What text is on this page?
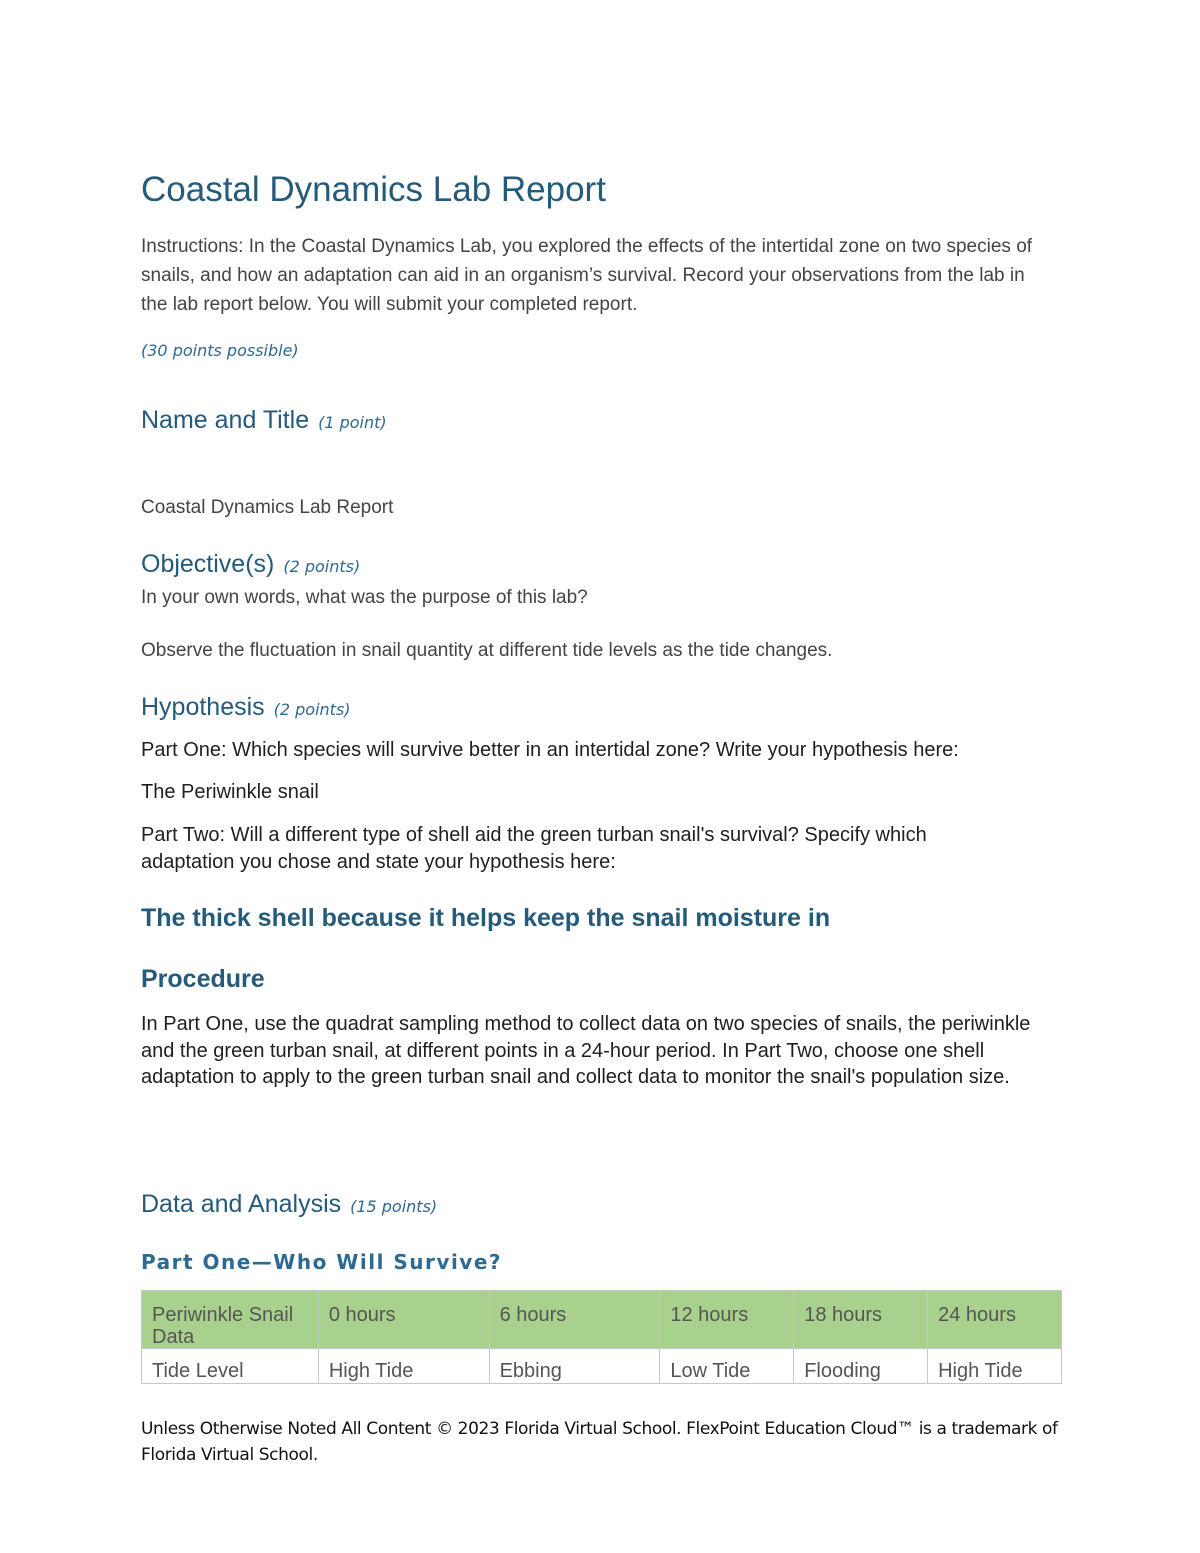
Coastal Dynamics Lab Report
Instructions: In the Coastal Dynamics Lab, you explored the effects of the intertidal zone on two species of snails, and how an adaptation can aid in an organism’s survival. Record your observations from the lab in the lab report below. You will submit your completed report.
(30 points possible)
Name and Title (1 point)
Coastal Dynamics Lab Report
Objective(s) (2 points)
In your own words, what was the purpose of this lab?
Observe the fluctuation in snail quantity at different tide levels as the tide changes.
Hypothesis (2 points)
Part One: Which species will survive better in an intertidal zone? Write your hypothesis here:
The Periwinkle snail
Part Two: Will a different type of shell aid the green turban snail's survival? Specify which adaptation you chose and state your hypothesis here:
The thick shell because it helps keep the snail moisture in
Procedure
In Part One, use the quadrat sampling method to collect data on two species of snails, the periwinkle and the green turban snail, at different points in a 24-hour period. In Part Two, choose one shell adaptation to apply to the green turban snail and collect data to monitor the snail's population size.
Data and Analysis (15 points)
Part One—Who Will Survive?
Periwinkle Snail Data	0 hours	6 hours	12 hours	18 hours	24 hours
Tide Level	High Tide	Ebbing	Low Tide	Flooding	High Tide
Unless Otherwise Noted All Content © 2023 Florida Virtual School. FlexPoint Education Cloud™ is a trademark of Florida Virtual School.
